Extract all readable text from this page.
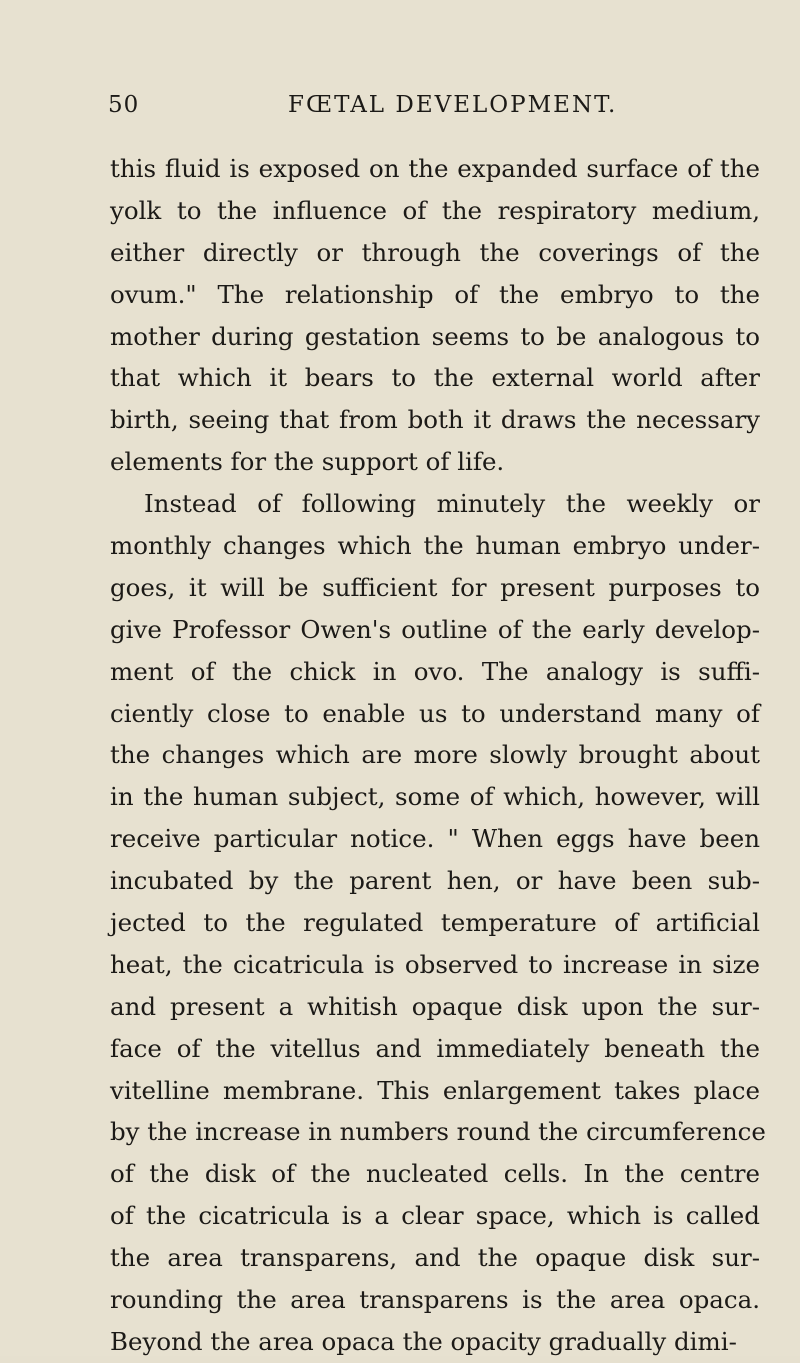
50	FŒTAL DEVELOPMENT.
this fluid is exposed on the expanded surface of the
yolk to the influence of the respiratory medium,
either directly or through the coverings of the
ovum." The relationship of the embryo to the
mother during gestation seems to be analogous to
that which it bears to the external world after
birth, seeing that from both it draws the necessary
elements for the support of life.
Instead of following minutely the weekly or
monthly changes which the human embryo under-
goes, it will be sufficient for present purposes to
give Professor Owen's outline of the early develop-
ment of the chick in ovo. The analogy is suffi-
ciently close to enable us to understand many of
the changes which are more slowly brought about
in the human subject, some of which, however, will
receive particular notice. " When eggs have been
incubated by the parent hen, or have been sub-
jected to the regulated temperature of artificial
heat, the cicatricula is observed to increase in size
and present a whitish opaque disk upon the sur-
face of the vitellus and immediately beneath the
vitelline membrane. This enlargement takes place
by the increase in numbers round the circumference
of the disk of the nucleated cells. In the centre
of the cicatricula is a clear space, which is called
the area transparens, and the opaque disk sur-
rounding the area transparens is the area opaca.
Beyond the area opaca the opacity gradually dimi-
